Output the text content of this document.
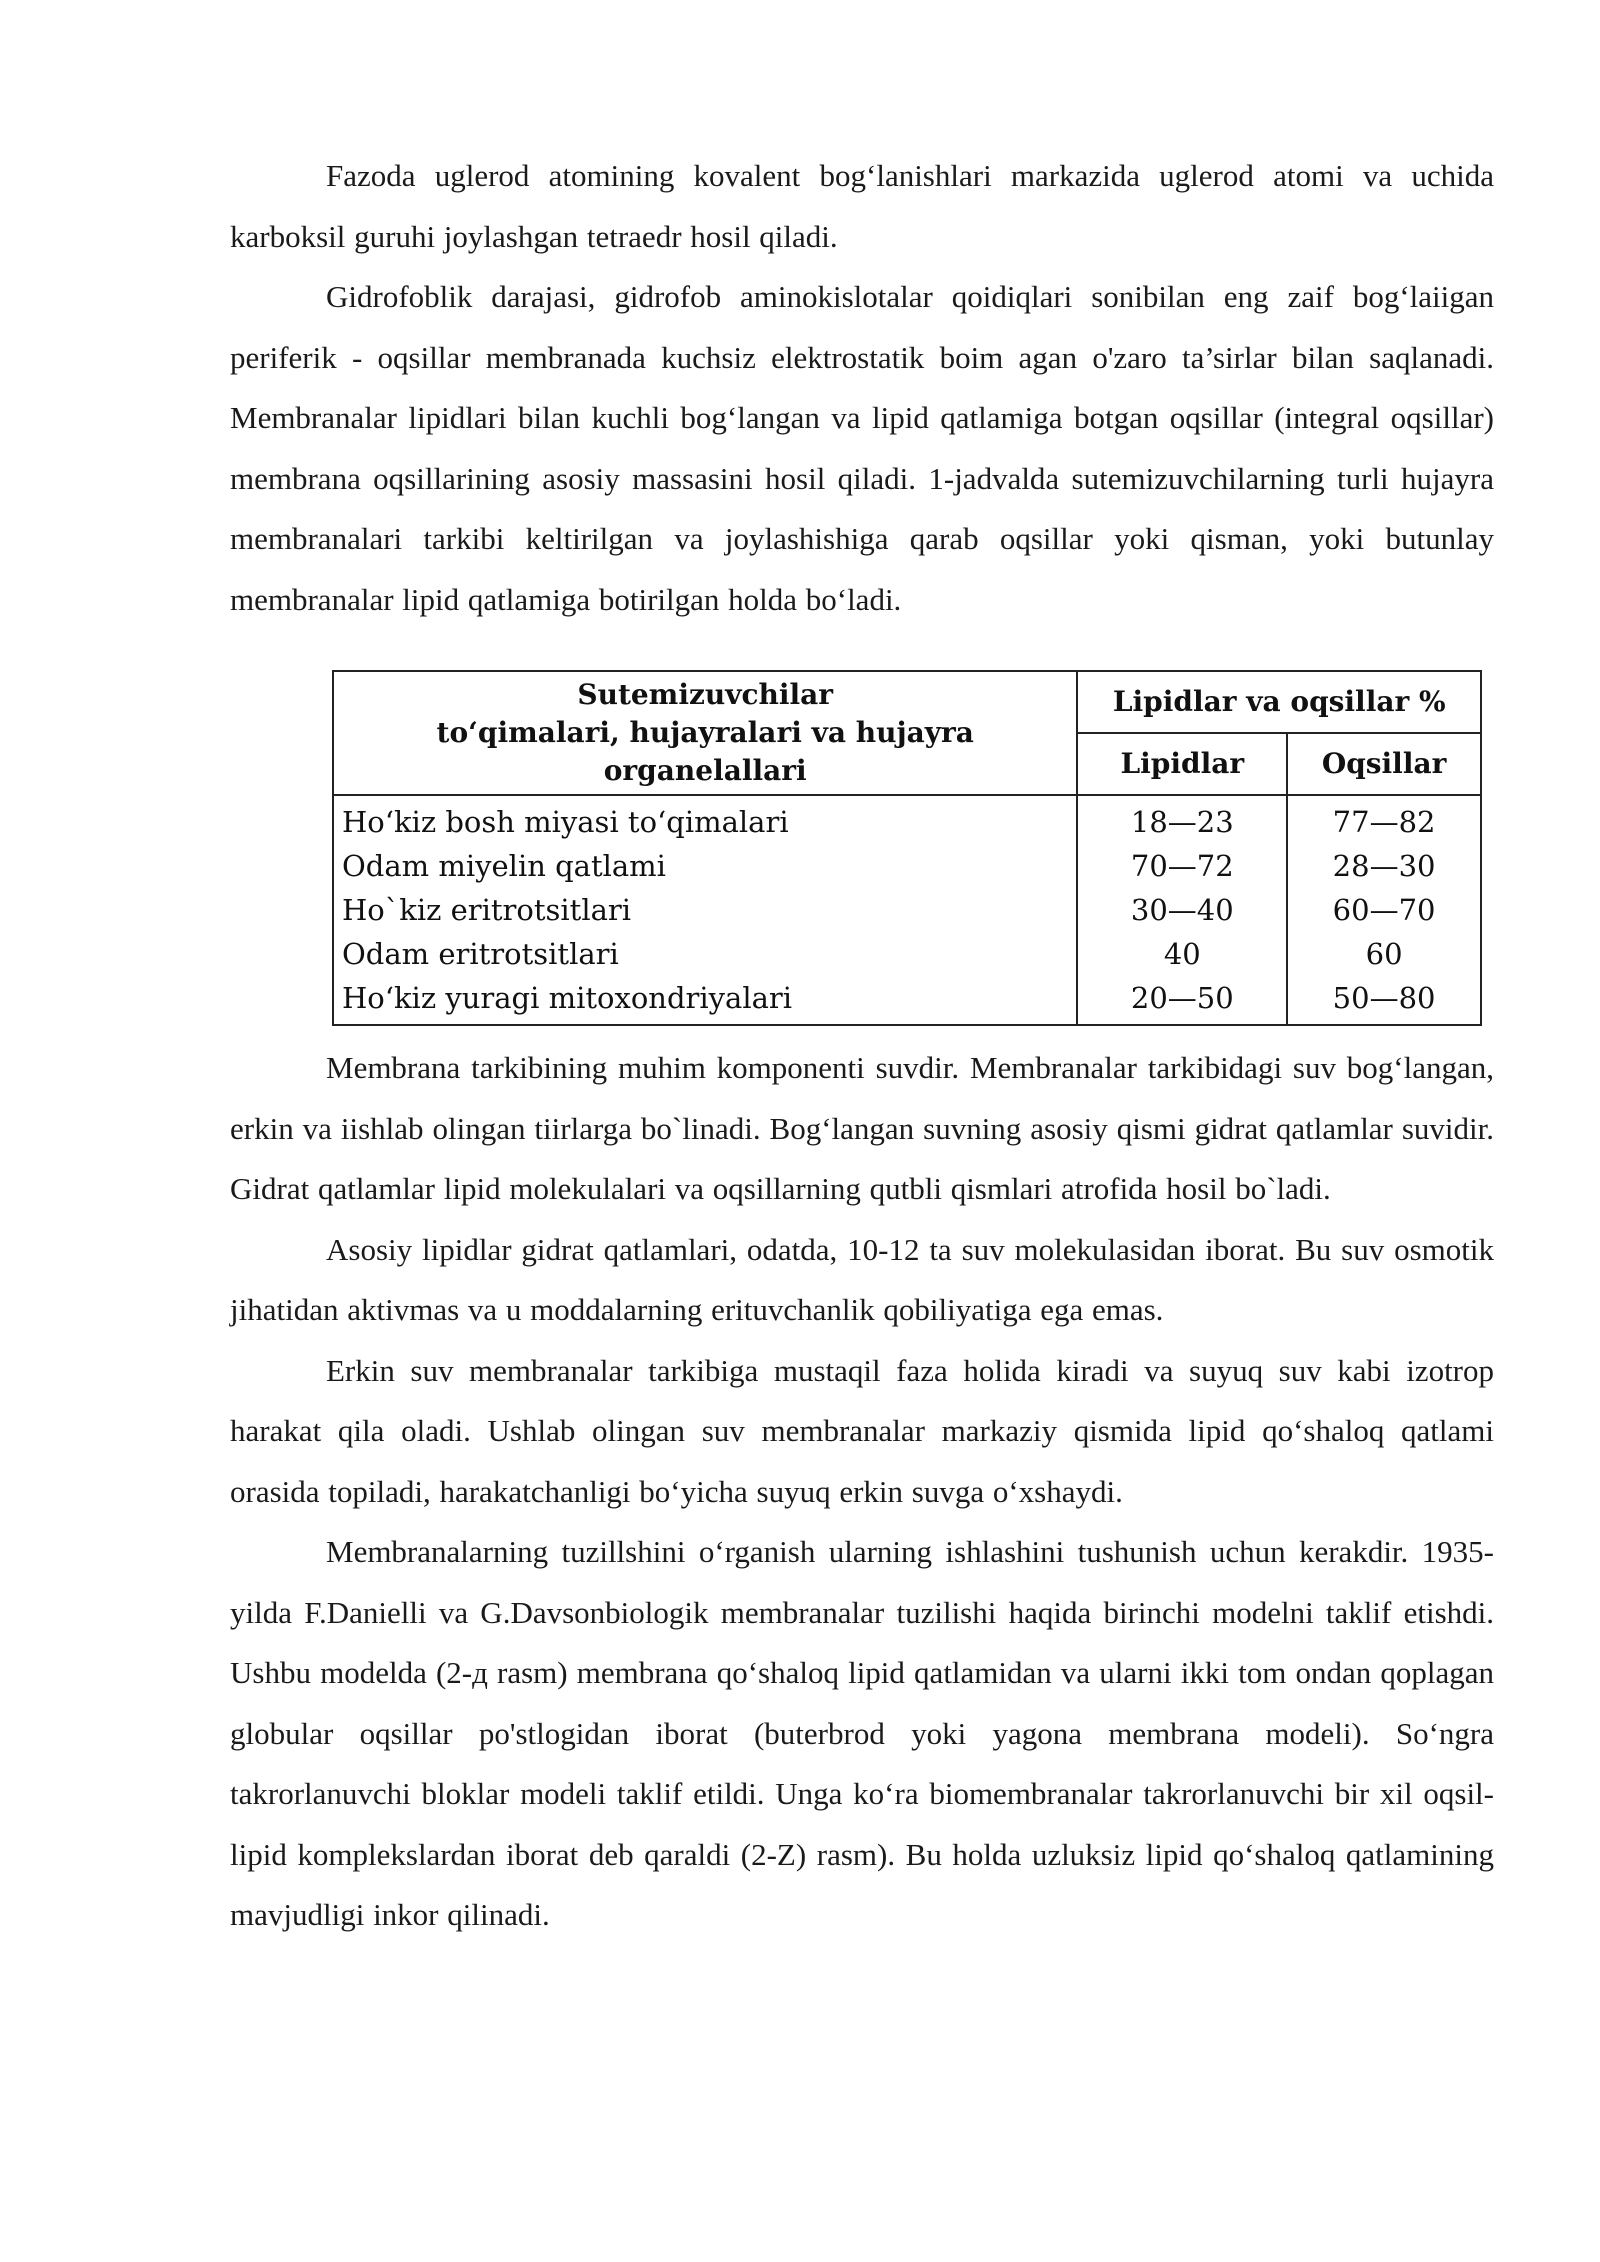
Fazoda uglerod atomining kovalent bog‘lanishlari markazida uglerod atomi va uchida karboksil guruhi joylashgan tetraedr hosil qiladi.

Gidrofoblik darajasi, gidrofob aminokislotalar qoidiqlari sonibilan eng zaif bog‘laiigan periferik - oqsillar membranada kuchsiz elektrostatik boim agan o'zaro ta’sirlar bilan saqlanadi. Membranalar lipidlari bilan kuchli bog‘langan va lipid qatlamiga botgan oqsillar (integral oqsillar) membrana oqsillarining asosiy massasini hosil qiladi. 1-jadvalda sutemizuvchilarning turli hujayra membranalari tarkibi keltirilgan va joylashishiga qarab oqsillar yoki qisman, yoki butunlay membranalar lipid qatlamiga botirilgan holda bo‘ladi.

Sutemizuvchilar
to‘qimalari, hujayralari va hujayra organelallari	Lipidlar va oqsillar %	
	Lipidlar	Oqsillar
Ho‘kiz bosh miyasi to‘qimalari	18—23	77—82
Odam miyelin qatlami	70—72	28—30
Ho`kiz eritrotsitlari	30—40	60—70
Odam eritrotsitlari	40	60
Ho‘kiz yuragi mitoxondriyalari	20—50	50—80

Membrana tarkibining muhim komponenti suvdir. Membranalar tarkibidagi suv bog‘langan, erkin va iishlab olingan tiirlarga bo`linadi. Bog‘langan suvning asosiy qismi gidrat qatlamlar suvidir. Gidrat qatlamlar lipid molekulalari va oqsillarning qutbli qismlari atrofida hosil bo`ladi.

Asosiy lipidlar gidrat qatlamlari, odatda, 10-12 ta suv molekulasidan iborat. Bu suv osmotik jihatidan aktivmas va u moddalarning erituvchanlik qobiliyatiga ega emas.

Erkin suv membranalar tarkibiga mustaqil faza holida kiradi va suyuq suv kabi izotrop harakat qila oladi. Ushlab olingan suv membranalar markaziy qismida lipid qo‘shaloq qatlami orasida topiladi, harakatchanligi bo‘yicha suyuq erkin suvga o‘xshaydi.

Membranalarning tuzillshini o‘rganish ularning ishlashini tushunish uchun kerakdir. 1935-yilda F.Danielli va G.Davsonbiologik membranalar tuzilishi haqida birinchi modelni taklif etishdi. Ushbu modelda (2-д rasm) membrana qo‘shaloq lipid qatlamidan va ularni ikki tom ondan qoplagan globular oqsillar po'stlogidan iborat (buterbrod yoki yagona membrana modeli). So‘ngra takrorlanuvchi bloklar modeli taklif etildi. Unga ko‘ra biomembranalar takrorlanuvchi bir xil oqsil-lipid komplekslardan iborat deb qaraldi (2-Z) rasm). Bu holda uzluksiz lipid qo‘shaloq qatlamining mavjudligi inkor qilinadi.
